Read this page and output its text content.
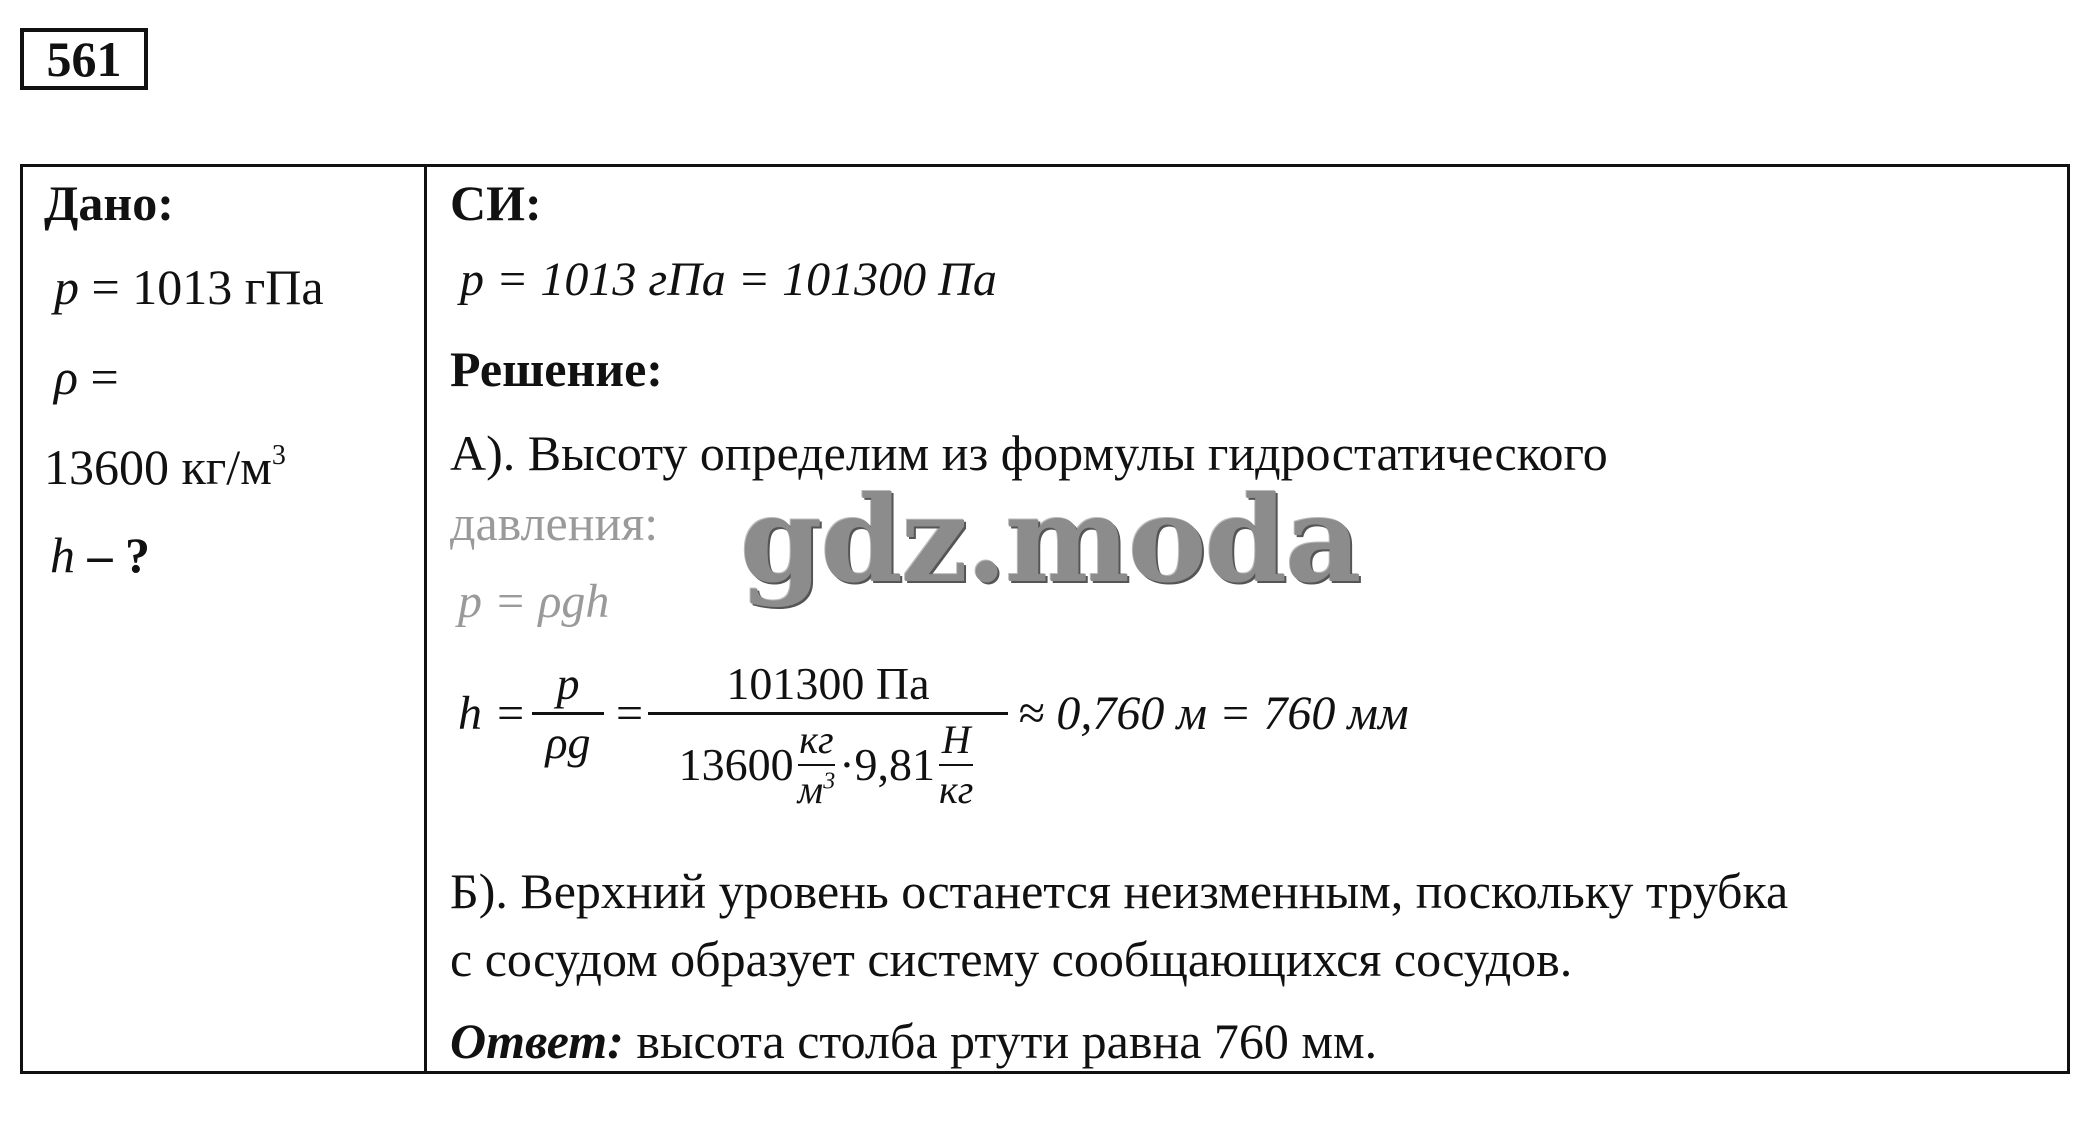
561
Дано:
p = 1013 гПа
ρ =
13600 $кг/м^3$
h – ?
СИ:
p = 1013 гПа = 101300 Па
Решение:
А). Высоту определим из формулы гидростатического
давления:
p = ρgh
h =
p
ρg
=
101300 Па
$13600 \frac{кг}{м^3} \cdot 9,81 \frac{Н}{кг}$
≈ 0,760 м = 760 мм
Б). Верхний уровень останется неизменным, поскольку трубка
с сосудом образует систему сообщающихся сосудов.
Ответ: высота столба ртути равна 760 мм.
gdz.moda
